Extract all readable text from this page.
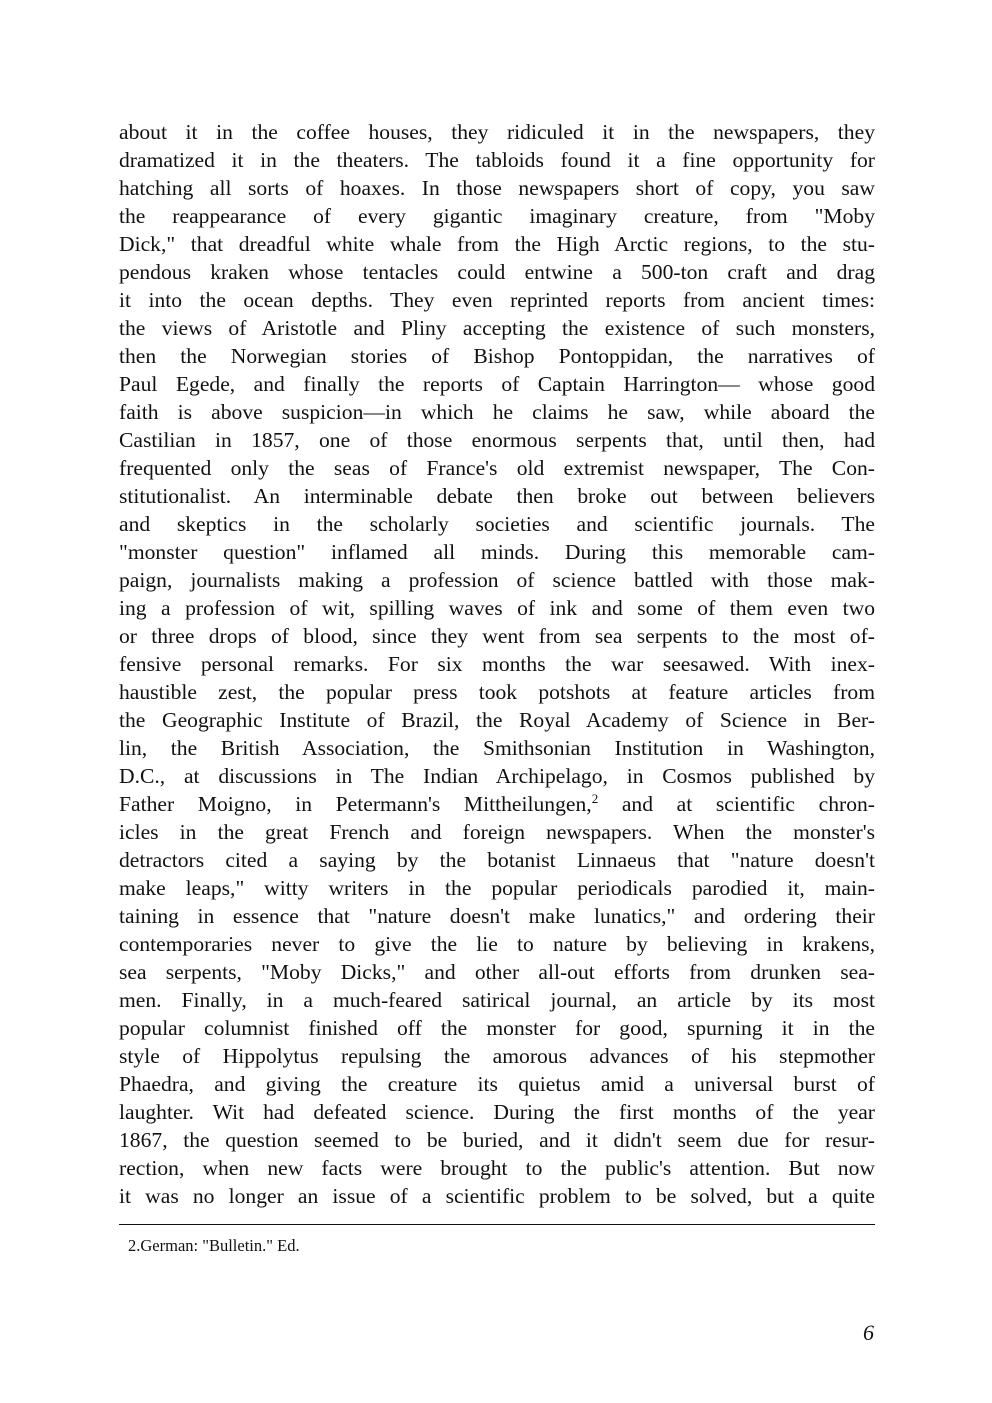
about it in the coffee houses, they ridiculed it in the newspapers, they
dramatized it in the theaters. The tabloids found it a fine opportunity for
hatching all sorts of hoaxes. In those newspapers short of copy, you saw
the reappearance of every gigantic imaginary creature, from "Moby
Dick," that dreadful white whale from the High Arctic regions, to the stu-
pendous kraken whose tentacles could entwine a 500-ton craft and drag
it into the ocean depths. They even reprinted reports from ancient times:
the views of Aristotle and Pliny accepting the existence of such monsters,
then the Norwegian stories of Bishop Pontoppidan, the narratives of
Paul Egede, and finally the reports of Captain Harrington— whose good
faith is above suspicion—in which he claims he saw, while aboard the
Castilian in 1857, one of those enormous serpents that, until then, had
frequented only the seas of France's old extremist newspaper, The Con-
stitutionalist. An interminable debate then broke out between believers
and skeptics in the scholarly societies and scientific journals. The
"monster question" inflamed all minds. During this memorable cam-
paign, journalists making a profession of science battled with those mak-
ing a profession of wit, spilling waves of ink and some of them even two
or three drops of blood, since they went from sea serpents to the most of-
fensive personal remarks. For six months the war seesawed. With inex-
haustible zest, the popular press took potshots at feature articles from
the Geographic Institute of Brazil, the Royal Academy of Science in Ber-
lin, the British Association, the Smithsonian Institution in Washington,
D.C., at discussions in The Indian Archipelago, in Cosmos published by
Father Moigno, in Petermann's Mittheilungen,$^2$ and at scientific chron-
icles in the great French and foreign newspapers. When the monster's
detractors cited a saying by the botanist Linnaeus that "nature doesn't
make leaps," witty writers in the popular periodicals parodied it, main-
taining in essence that "nature doesn't make lunatics," and ordering their
contemporaries never to give the lie to nature by believing in krakens,
sea serpents, "Moby Dicks," and other all-out efforts from drunken sea-
men. Finally, in a much-feared satirical journal, an article by its most
popular columnist finished off the monster for good, spurning it in the
style of Hippolytus repulsing the amorous advances of his stepmother
Phaedra, and giving the creature its quietus amid a universal burst of
laughter. Wit had defeated science. During the first months of the year
1867, the question seemed to be buried, and it didn't seem due for resur-
rection, when new facts were brought to the public's attention. But now
it was no longer an issue of a scientific problem to be solved, but a quite

2.German: "Bulletin." Ed.

6
